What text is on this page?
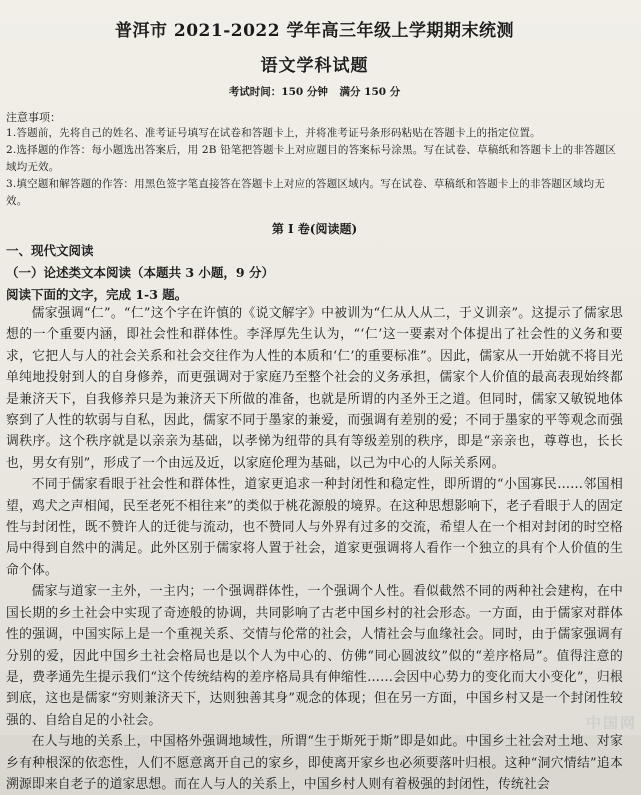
普洱市 2021-2022 学年高三年级上学期期末统测
语文学科试题
考试时间：150 分钟 满分 150 分
注意事项：
1.答题前，先将自己的姓名、准考证号填写在试卷和答题卡上，并将准考证号条形码粘贴在答题卡上的指定位置。
2.选择题的作答：每小题选出答案后，用 2B 铅笔把答题卡上对应题目的答案标号涂黑。写在试卷、草稿纸和答题卡上的非答题区域均无效。
3.填空题和解答题的作答：用黑色签字笔直接答在答题卡上对应的答题区域内。写在试卷、草稿纸和答题卡上的非答题区域均无效。
第 I 卷(阅读题)
一、现代文阅读
（一）论述类文本阅读（本题共 3 小题，9 分）
阅读下面的文字，完成 1-3 题。

儒家强调“仁”。“仁”这个字在许慎的《说文解字》中被训为“仁从人从二，于义训亲”。这提示了儒家思想的一个重要内涵，即社会性和群体性。李泽厚先生认为，“‘仁’这一要素对个体提出了社会性的义务和要求，它把人与人的社会关系和社会交往作为人性的本质和‘仁’的重要标准”。因此，儒家从一开始就不将目光单纯地投射到人的自身修养，而更强调对于家庭乃至整个社会的义务承担，儒家个人价值的最高表现始终都是兼济天下，自我修养只是为兼济天下所做的准备，也就是所谓的内圣外王之道。但同时，儒家又敏锐地体察到了人性的软弱与自私，因此，儒家不同于墨家的兼爱，而强调有差别的爱；不同于墨家的平等观念而强调秩序。这个秩序就是以亲亲为基础，以孝悌为纽带的具有等级差别的秩序，即是“亲亲也，尊尊也，长长也，男女有别”，形成了一个由远及近，以家庭伦理为基础，以己为中心的人际关系网。

不同于儒家看眼于社会性和群体性，道家更追求一种封闭性和稳定性，即所谓的“小国寡民……邻国相望，鸡犬之声相闻，民至老死不相往来”的类似于桃花源般的境界。在这种思想影响下，老子看眼于人的固定性与封闭性，既不赞许人的迁徙与流动，也不赞同人与外界有过多的交流，希望人在一个相对封闭的时空格局中得到自然中的满足。此外区别于儒家将人置于社会，道家更强调将人看作一个独立的具有个人价值的生命个体。

儒家与道家一主外，一主内；一个强调群体性，一个强调个人性。看似截然不同的两种社会建构，在中国长期的乡土社会中实现了奇迹般的协调，共同影响了古老中国乡村的社会形态。一方面，由于儒家对群体性的强调，中国实际上是一个重视关系、交情与伦常的社会，人情社会与血缘社会。同时，由于儒家强调有分别的爱，因此中国乡土社会格局也是以个人为中心的、仿佛“同心圆波纹”似的“差序格局”。值得注意的是，费孝通先生提示我们“这个传统结构的差序格局具有伸缩性……会因中心势力的变化而大小变化”，归根到底，这也是儒家“穷则兼济天下，达则独善其身”观念的体现；但在另一方面，中国乡村又是一个封闭性较强的、自给自足的小社会。

在人与地的关系上，中国格外强调地域性，所谓“生于斯死于斯”即是如此。中国乡土社会对土地、对家乡有种根深的依恋性，人们不愿意离开自己的家乡，即使离开家乡也必须要落叶归根。这种“洞穴情结”追本溯源即来自老子的道家思想。而在人与人的关系上，中国乡村人则有着极强的封闭性，传统社会

中国网
